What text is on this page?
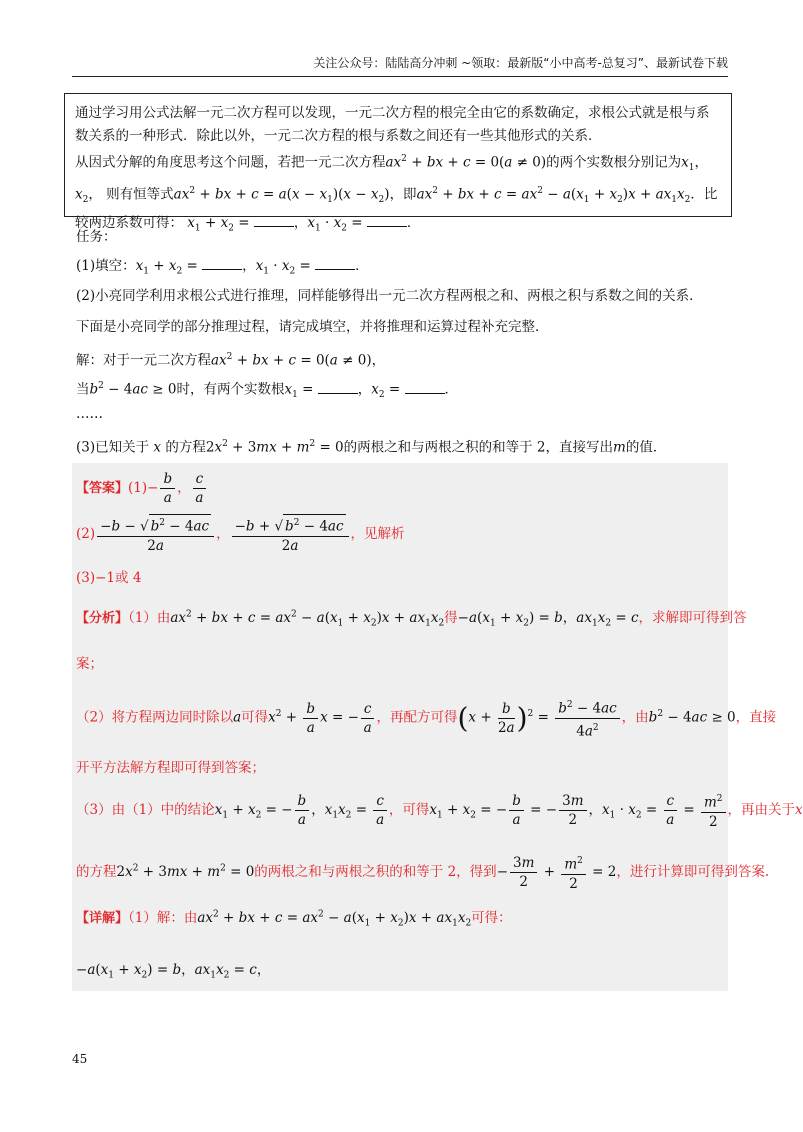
关注公众号：陆陆高分冲刺 ~领取：最新版“小中高考-总复习”、最新试卷下载

通过学习用公式法解一元二次方程可以发现，一元二次方程的根完全由它的系数确定，求根公式就是根与系数关系的一种形式．除此以外，一元二次方程的根与系数之间还有一些其他形式的关系．

从因式分解的角度思考这个问题，若把一元二次方程$ax^2$ + bx + c = 0(a ≠ 0)的两个实数根分别记为$x_1$，$x_2$， 则有恒等式$ax^2$ + bx + $c = a(x - x_1)(x - x_2)$，即$ax^2$ + bx + $c = ax^2 - a(x_1 + x_2)x + ax_1x_2$．比较两边系数可得： $x_1 + x_2$ =	，$x_1 \cdot x_2$ =	．

任务：
(1)填空：$x_1 + x_2$ =	，$x_1 \cdot x_2$ =	．
(2)小亮同学利用求根公式进行推理，同样能够得出一元二次方程两根之和、两根之积与系数之间的关系．
下面是小亮同学的部分推理过程，请完成填空，并将推理和运算过程补充完整．
解：对于一元二次方程$ax^2$ + bx + c = 0(a ≠ 0)，
当$b^2 - 4ac \ge 0$时，有两个实数根$x_1$ =	，$x_2$ =	．
……
(3)已知关于 x 的方程$2x^2 + 3mx + m^2 = 0$的两根之和与两根之积的和等于 2，直接写出m的值．
【答案】$(1)- \frac{b}{a}$ ， $\frac{c}{a}$
$(2) \frac{-b - √ b^2 - 4ac}{2a}$ ， $\frac{-b + √ b^2 - 4ac}{2a}$ ，见解析
(3)−1或 4
【分析】（1）由$ax^2$ + bx + $c = ax^2 - a(x_1 + x_2)x + ax_1x_2$得$-a(x_1 + x_2) = b$，$ax_1x_2 = c$，求解即可得到答
案；
（2）将方程两边同时除以a可得$x^2 + \frac{b}{a}$ x = − $\frac{c}{a}$ ，再配方可得$(x + \frac{b}{2a} )^2 = \frac{b^2 - 4ac}{4a^2}$ ，由$b^2 - 4ac \ge 0$，直接
开平方法解方程即可得到答案；
（3）由（1）中的结论$x_1 + x_2$ = − $\frac{b}{a}$ ，$x_1x_2 = \frac{c}{a}$ ，可得$x_1 + x_2$ = − $\frac{b}{a}$ = − $\frac{3m}{2}$ ，$x_1 \cdot x_2 = \frac{c}{a} = \frac{m^2}{2}$ ，再由关于x
的方程$2x^2 + 3mx + m^2 = 0$的两根之和与两根之积的和等于 2，得到− $\frac{3m}{2} + \frac{m^2}{2} = 2$，进行计算即可得到答案.
【详解】（1）解：由$ax^2$ + bx + $c = ax^2 - a(x_1 + x_2)x + ax_1x_2$可得：
$-a(x_1 + x_2) = b$，$ax_1x_2 = c$，
45
